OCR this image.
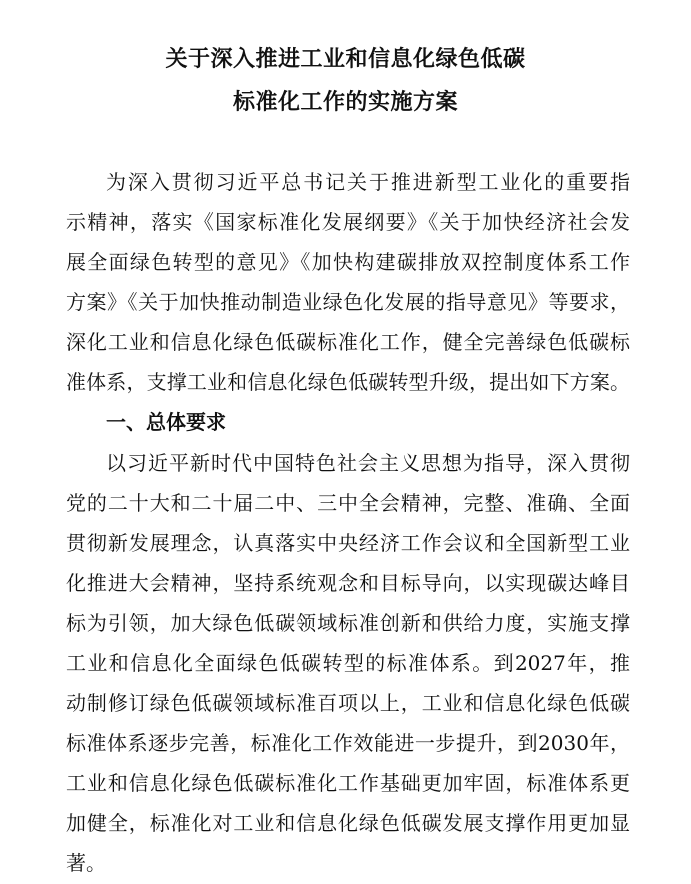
关于深入推进工业和信息化绿色低碳
标准化工作的实施方案
为深入贯彻习近平总书记关于推进新型工业化的重要指
示精神，落实《国家标准化发展纲要》《关于加快经济社会发
展全面绿色转型的意见》《加快构建碳排放双控制度体系工作
方案》《关于加快推动制造业绿色化发展的指导意见》等要求，
深化工业和信息化绿色低碳标准化工作，健全完善绿色低碳标
准体系，支撑工业和信息化绿色低碳转型升级，提出如下方案。
一、总体要求
以习近平新时代中国特色社会主义思想为指导，深入贯彻
党的二十大和二十届二中、三中全会精神，完整、准确、全面
贯彻新发展理念，认真落实中央经济工作会议和全国新型工业
化推进大会精神，坚持系统观念和目标导向，以实现碳达峰目
标为引领，加大绿色低碳领域标准创新和供给力度，实施支撑
工业和信息化全面绿色低碳转型的标准体系。到2027年，推
动制修订绿色低碳领域标准百项以上，工业和信息化绿色低碳
标准体系逐步完善，标准化工作效能进一步提升，到2030年，
工业和信息化绿色低碳标准化工作基础更加牢固，标准体系更
加健全，标准化对工业和信息化绿色低碳发展支撑作用更加显
著。
